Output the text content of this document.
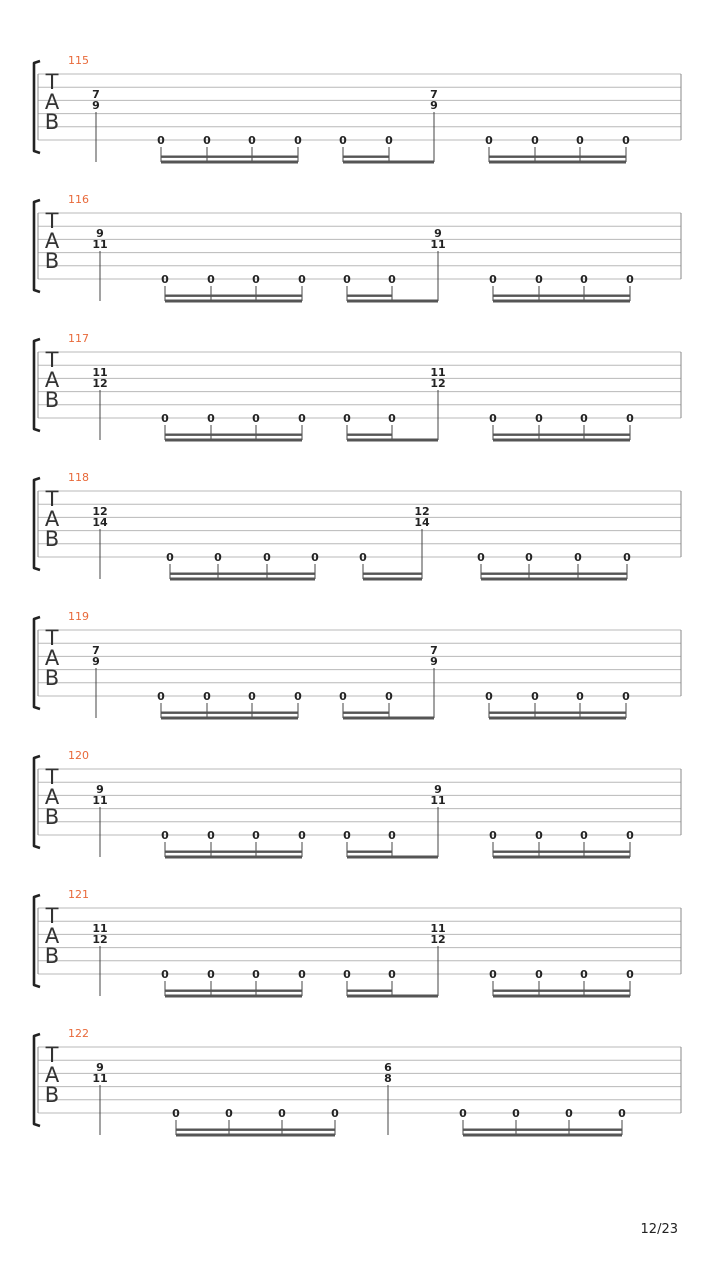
115
7
9
0	0	0	0	0	0
7
9
0	0	0	0
T
A
B
116
9
11
0	0	0	0	0	0
9
11
0	0	0	0
T
A
B
117
11
12
0	0	0	0	0	0
11
12
0	0	0	0
T
A
B
118
12
14
0	0	0	0	0
12
14
0	0	0	0
T
A
B
119
7
9
0	0	0	0	0	0
7
9
0	0	0	0
T
A
B
120
9
11
0	0	0	0	0	0
9
11
0	0	0	0
T
A
B
121
11
12
0	0	0	0	0	0
11
12
0	0	0	0
T
A
B
122
9
11
0	0	0	0
6
8
0	0	0	0
T
A
B
12/23
